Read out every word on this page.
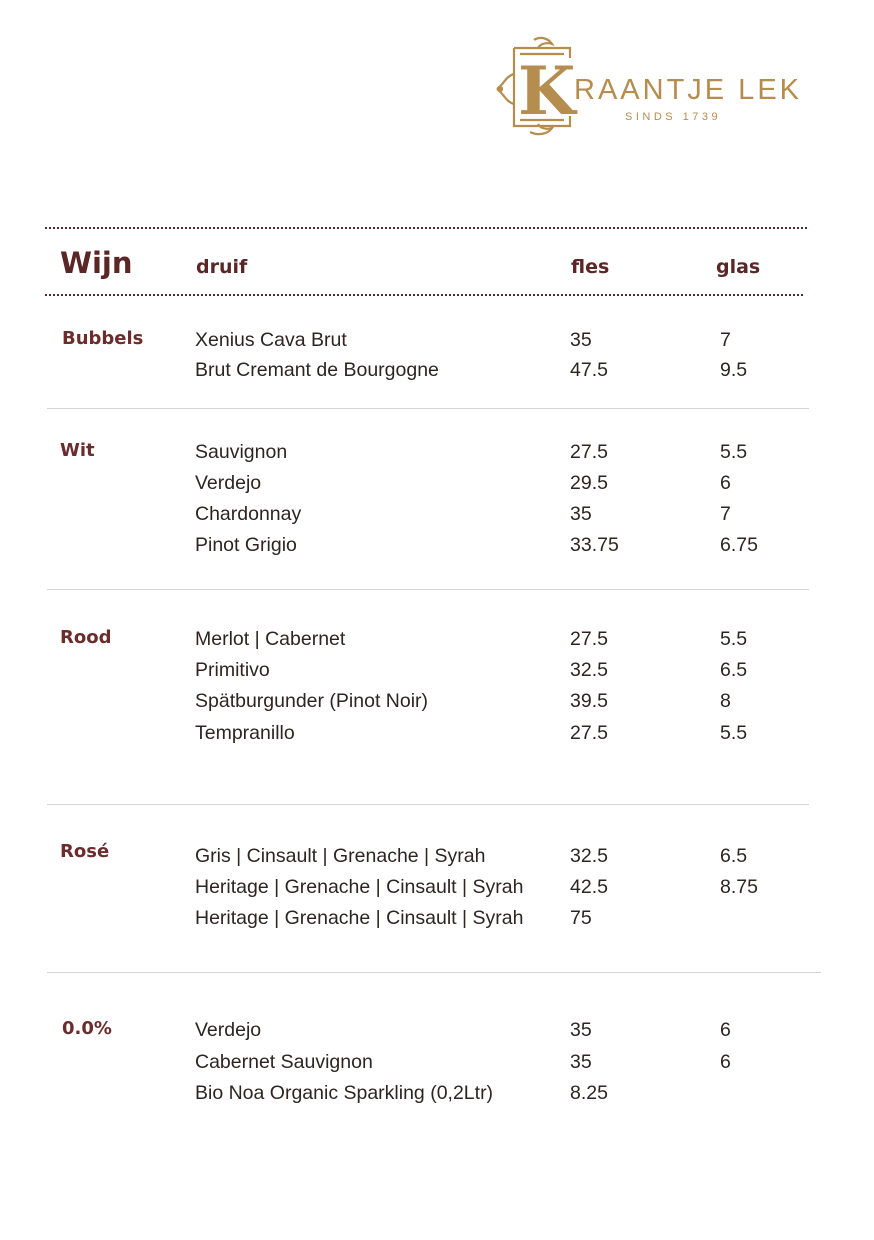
K
RAANTJE LEK
SINDS 1739
Wijn	druif	fles	glas
Bubbels	Xenius Cava Brut	35	7
Brut Cremant de Bourgogne	47.5	9.5
Wit	Sauvignon	27.5	5.5
Verdejo	29.5	6
Chardonnay	35	7
Pinot Grigio	33.75	6.75
Rood	Merlot | Cabernet	27.5	5.5
Primitivo	32.5	6.5
Spätburgunder (Pinot Noir)	39.5	8
Tempranillo	27.5	5.5
Rosé	Gris | Cinsault | Grenache | Syrah	32.5	6.5
Heritage | Grenache | Cinsault | Syrah 42.5	8.75
Heritage | Grenache | Cinsault | Syrah 75
0.0%	Verdejo	35	6
Cabernet Sauvignon	35	6
Bio Noa Organic Sparkling (0,2Ltr)	8.25
